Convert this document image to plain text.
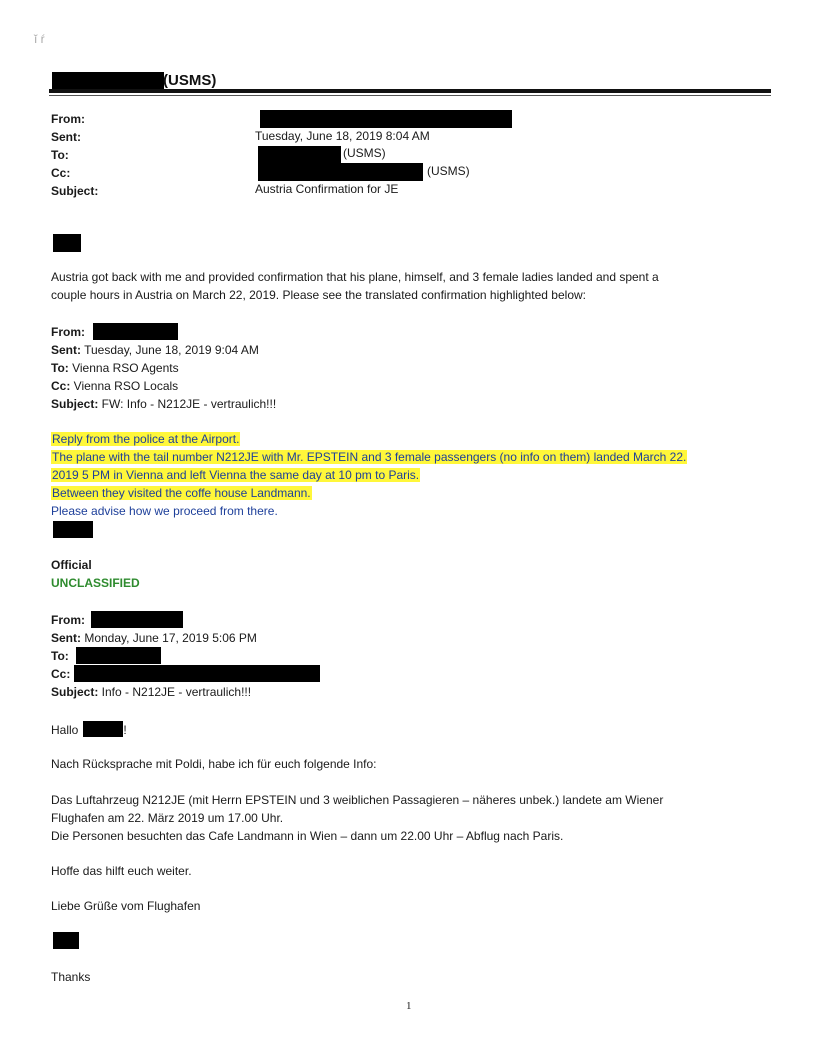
ĭ ŕ
(USMS)
From:
Sent:	Tuesday, June 18, 2019 8:04 AM
To:	(USMS)
Cc:	(USMS)
Subject:	Austria Confirmation for JE
Austria got back with me and provided confirmation that his plane, himself, and 3 female ladies landed and spent a
couple hours in Austria on March 22, 2019. Please see the translated confirmation highlighted below:
From:
Sent: Tuesday, June 18, 2019 9:04 AM
To: Vienna RSO Agents
Cc: Vienna RSO Locals
Subject: FW: Info - N212JE - vertraulich!!!
Reply from the police at the Airport.
The plane with the tail number N212JE with Mr. EPSTEIN and 3 female passengers (no info on them) landed March 22.
2019 5 PM in Vienna and left Vienna the same day at 10 pm to Paris.
Between they visited the coffe house Landmann.
Please advise how we proceed from there.
Official
UNCLASSIFIED
From:
Sent: Monday, June 17, 2019 5:06 PM
To:
Cc:
Subject: Info - N212JE - vertraulich!!!
Hallo	!
Nach Rücksprache mit Poldi, habe ich für euch folgende Info:
Das Luftahrzeug N212JE (mit Herrn EPSTEIN und 3 weiblichen Passagieren – näheres unbek.) landete am Wiener
Flughafen am 22. März 2019 um 17.00 Uhr.
Die Personen besuchten das Cafe Landmann in Wien – dann um 22.00 Uhr – Abflug nach Paris.
Hoffe das hilft euch weiter.
Liebe Grüße vom Flughafen
Thanks
1
